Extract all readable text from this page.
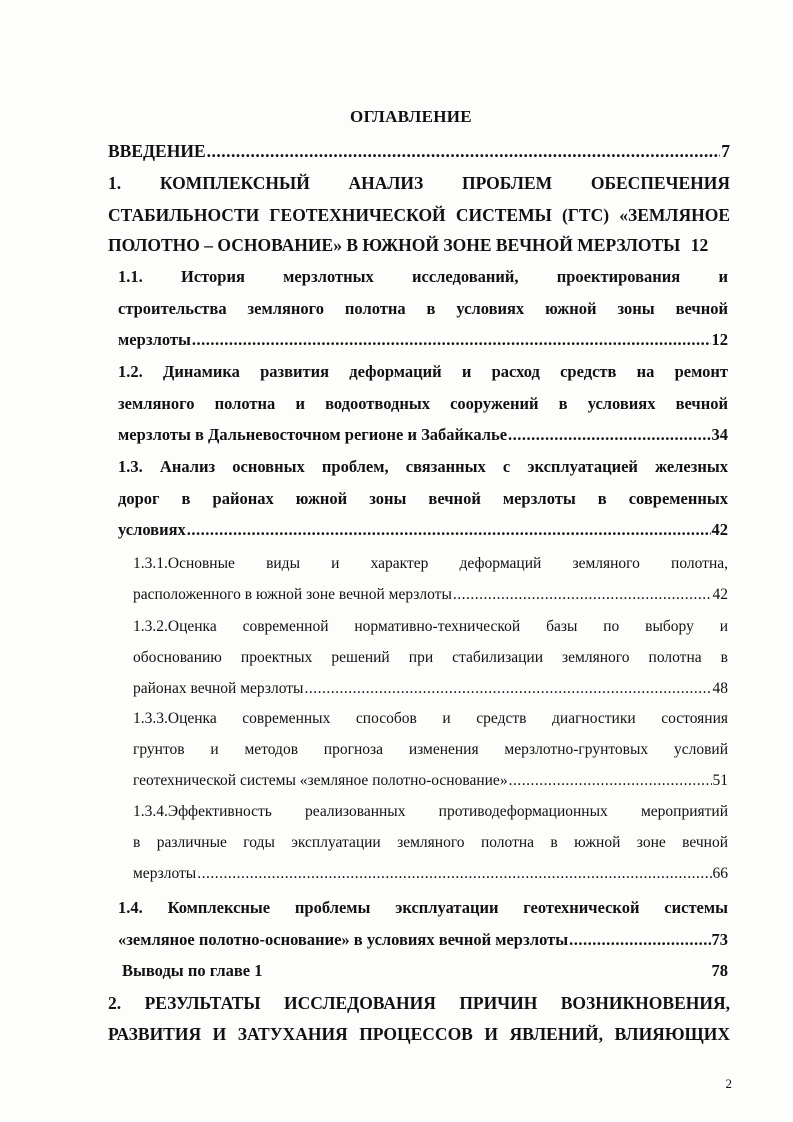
ОГЛАВЛЕНИЕ
ВВЕДЕНИЕ .....	7
1. КОМПЛЕКСНЫЙ АНАЛИЗ ПРОБЛЕМ ОБЕСПЕЧЕНИЯ
СТАБИЛЬНОСТИ ГЕОТЕХНИЧЕСКОЙ СИСТЕМЫ (ГТС) «ЗЕМЛЯНОЕ
ПОЛОТНО – ОСНОВАНИЕ» В ЮЖНОЙ ЗОНЕ ВЕЧНОЙ МЕРЗЛОТЫ 12
1.1. История мерзлотных исследований, проектирования и
строительства земляного полотна в условиях южной зоны вечной
мерзлоты .....	12
1.2. Динамика развития деформаций и расход средств на ремонт
земляного полотна и водоотводных сооружений в условиях вечной
мерзлоты в Дальневосточном регионе и Забайкалье .....	34
1.3. Анализ основных проблем, связанных с эксплуатацией железных
дорог в районах южной зоны вечной мерзлоты в современных
условиях .....	42
1.3.1.Основные виды и характер деформаций земляного полотна,
расположенного в южной зоне вечной мерзлоты .....	42
1.3.2.Оценка современной нормативно-технической базы по выбору и
обоснованию проектных решений при стабилизации земляного полотна в
районах вечной мерзлоты .....	48
1.3.3.Оценка современных способов и средств диагностики состояния
грунтов и методов прогноза изменения мерзлотно-грунтовых условий
геотехнической системы «земляное полотно-основание» .....	51
1.3.4.Эффективность реализованных противодеформационных мероприятий
в различные годы эксплуатации земляного полотна в южной зоне вечной
мерзлоты .....	66
1.4. Комплексные проблемы эксплуатации геотехнической системы
«земляное полотно-основание» в условиях вечной мерзлоты .....	73
Выводы по главе 1	78
2. РЕЗУЛЬТАТЫ ИССЛЕДОВАНИЯ ПРИЧИН ВОЗНИКНОВЕНИЯ,
РАЗВИТИЯ И ЗАТУХАНИЯ ПРОЦЕССОВ И ЯВЛЕНИЙ, ВЛИЯЮЩИХ
2
